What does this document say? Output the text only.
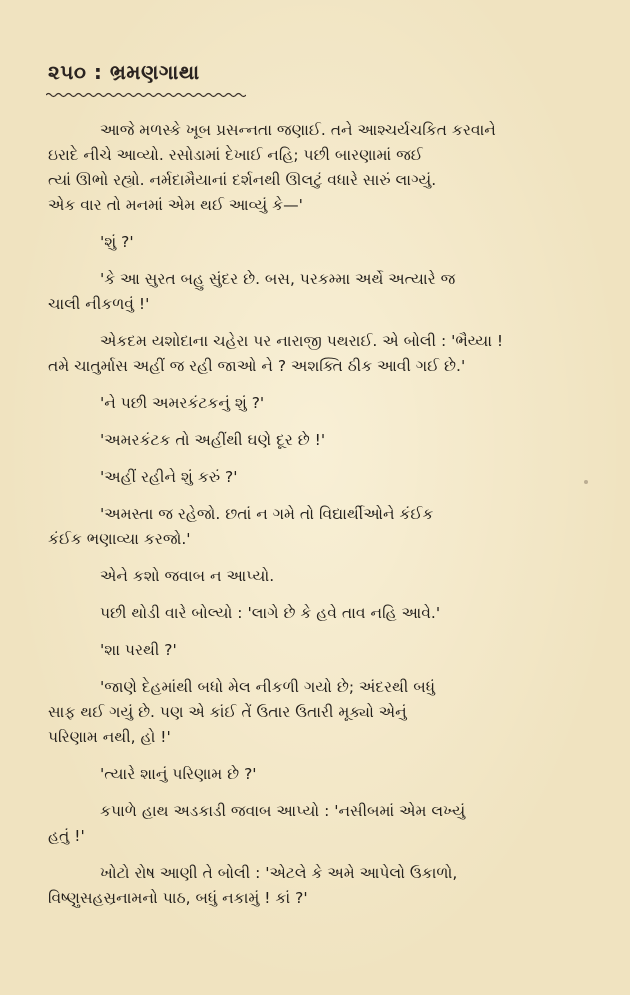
૨૫૦ : ભ્રમણગાથા

આજે મળસ્કે ખૂબ પ્રસન્નતા જણાઈ. તને આશ્ચર્યચકિત કરવાને
ઇરાદે નીચે આવ્યો. રસોડામાં દેખાઈ નહિ; પછી બારણામાં જઈ
ત્યાં ઊભો રહ્યો. નર્મદામૈયાનાં દર્શનથી ઊલટું વધારે સારું લાગ્યું.
એક વાર તો મનમાં એમ થઈ આવ્યું કે—'

'શું ?'

'કે આ સુરત બહુ સુંદર છે. બસ, પરકમ્મા અર્થે અત્યારે જ
ચાલી નીકળવું !'

એકદમ યશોદાના ચહેરા પર નારાજી પથરાઈ. એ બોલી : 'ભૈય્યા !
તમે ચાતુર્માસ અહીં જ રહી જાઓ ને ? અશક્તિ ઠીક આવી ગઈ છે.'

'ને પછી અમરકંટકનું શું ?'

'અમરકંટક તો અહીંથી ઘણે દૂર છે !'

'અહીં રહીને શું કરું ?'

'અમસ્તા જ રહેજો. છતાં ન ગમે તો વિદ્યાર્થીઓને કંઈક
કંઈક ભણાવ્યા કરજો.'

એને કશો જવાબ ન આપ્યો.

પછી થોડી વારે બોલ્યો : 'લાગે છે કે હવે તાવ નહિ આવે.'

'શા પરથી ?'

'જાણે દેહમાંથી બધો મેલ નીકળી ગયો છે; અંદરથી બધું
સાફ થઈ ગયું છે. પણ એ કાંઈ તેં ઉતાર ઉતારી મૂક્યો એનું
પરિણામ નથી, હો !'

'ત્યારે શાનું પરિણામ છે ?'

કપાળે હાથ અડકાડી જવાબ આપ્યો : 'નસીબમાં એમ લખ્યું
હતું !'

ખોટો રોષ આણી તે બોલી : 'એટલે કે અમે આપેલો ઉકાળો,
વિષ્ણુસહસ્રનામનો પાઠ, બધું નકામું ! કાં ?'
